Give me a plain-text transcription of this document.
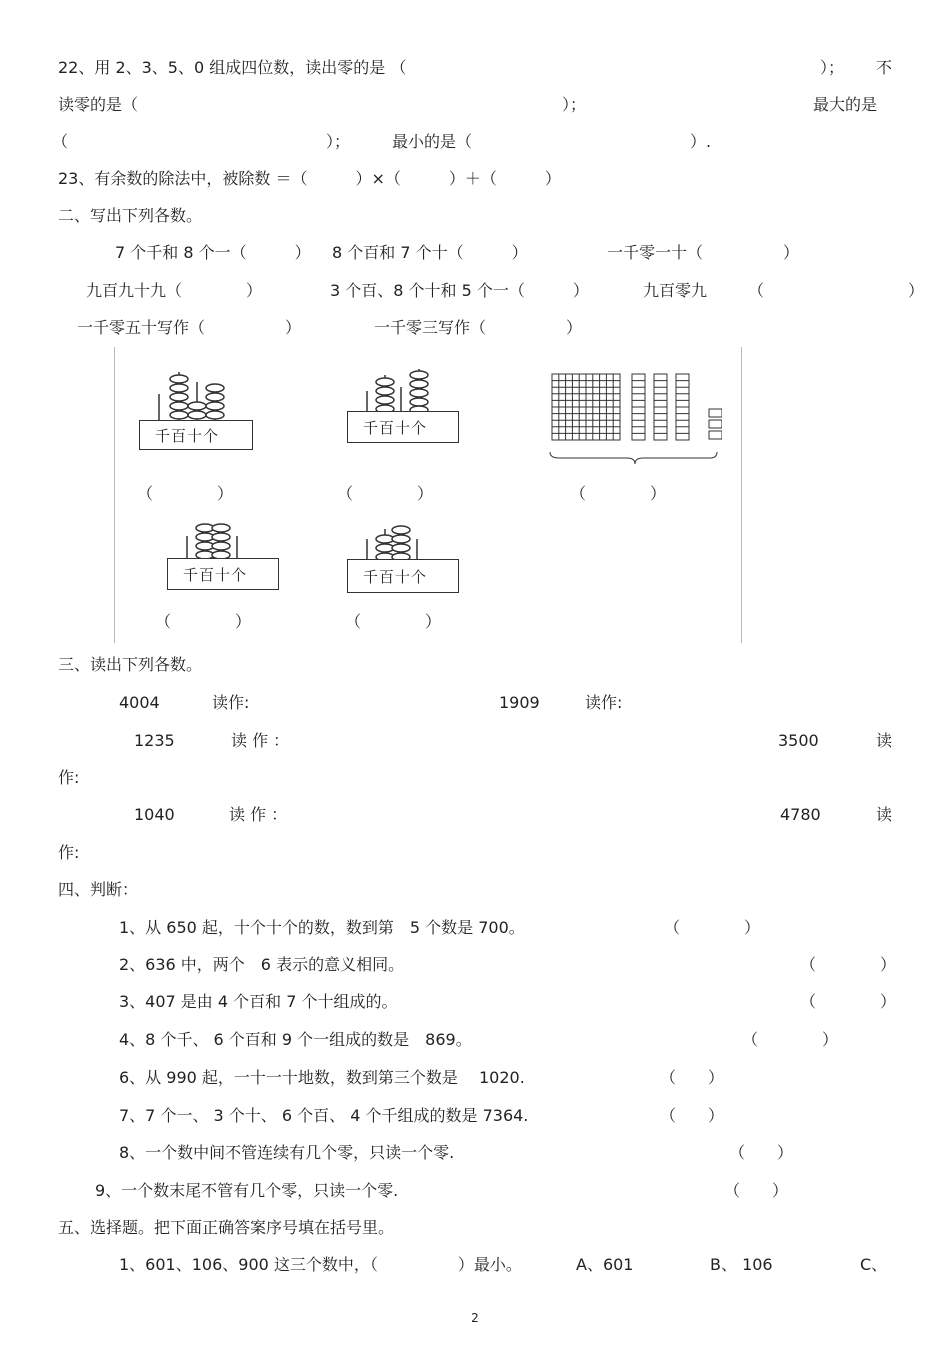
22、用 2、3、5、0 组成四位数，读出零的是 （	）； 不
读零的是（	）；	最大的是
（	）；	最小的是（	）.
23、有余数的除法中，被除数 ＝（　　　）×（　　　）＋（　　　）
二、写出下列各数。
7 个千和 8 个一（　　　） 8 个百和 7 个十（　　　）	一千零一十（　　　　　）
九百九十九（　　　　）	3 个百、8 个十和 5 个一（　　　）	九百零九	（　　　　　　　　　）
一千零五十写作（　　　　　）	一千零三写作（　　　　　）
千百十个
（　　　　）
千百十个
（　　　　）	（　　　　）
千百十个
（　　　　）
千百十个
（　　　　）
三、读出下列各数。
4004	读作:	1909	读作:
1235	读 作 ：	3500	读
作:
1040	读 作 ：	4780	读
作:
四、判断：
1、从 650 起，十个十个的数，数到第　5 个数是 700。	（　　　　）
2、636 中，两个　6 表示的意义相同。	（　　　　）
3、407 是由 4 个百和 7 个十组成的。	（　　　　）
4、8 个千、 6 个百和 9 个一组成的数是　869。	（　　　　）
6、从 990 起，一十一十地数，数到第三个数是　 1020.	（　　）
7、7 个一、 3 个十、 6 个百、 4 个千组成的数是 7364.	（　　）
8、一个数中间不管连续有几个零，只读一个零.	（　　）
9、一个数末尾不管有几个零，只读一个零.	（　　）
五、选择题。把下面正确答案序号填在括号里。
1、601、106、900 这三个数中，（　　　　　）最小。	A、601	B、 106	C、
2
